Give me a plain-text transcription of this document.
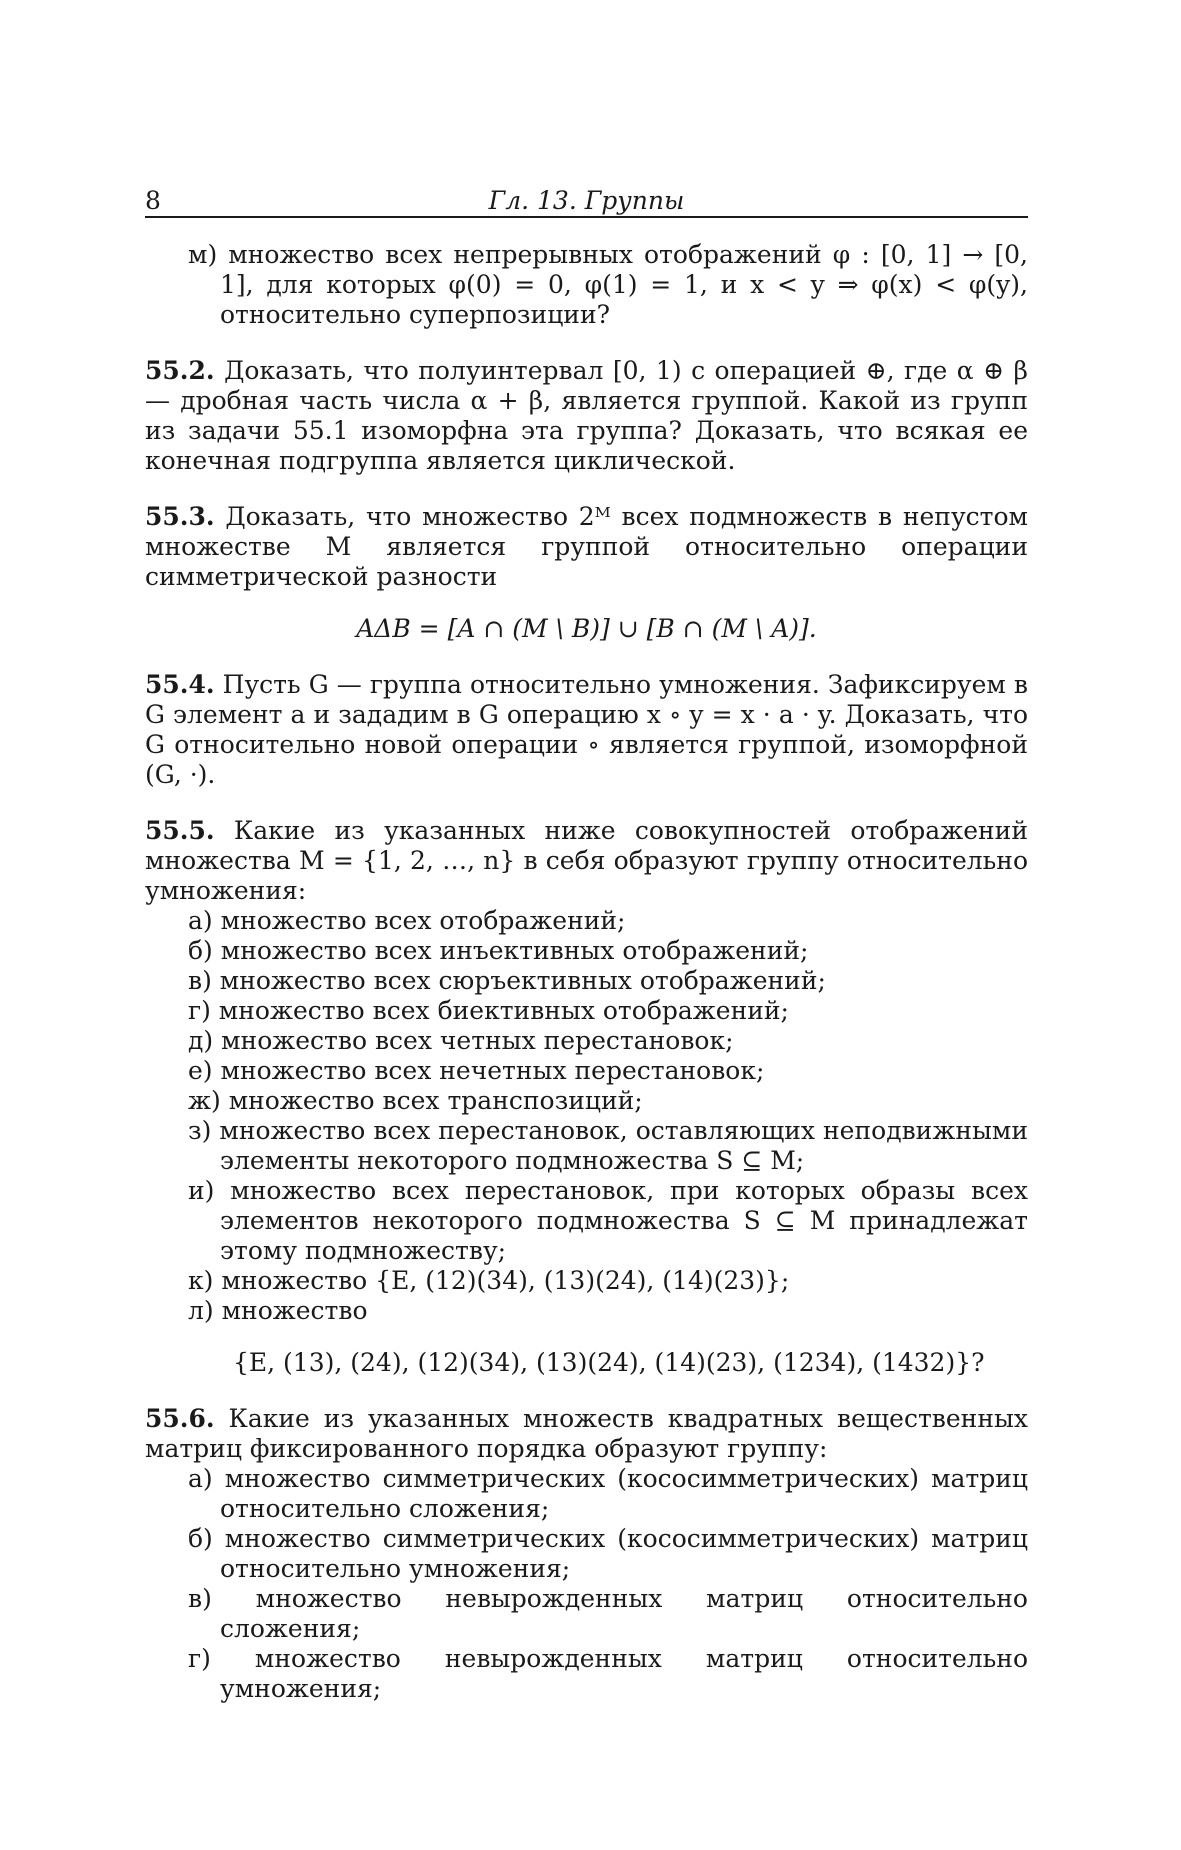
8	Гл. 13. Группы

м) множество всех непрерывных отображений φ : [0, 1] → [0, 1], для которых φ(0) = 0, φ(1) = 1, и x < y ⇒ φ(x) < φ(y), относительно суперпозиции?

55.2. Доказать, что полуинтервал [0, 1) с операцией ⊕, где α ⊕ β — дробная часть числа α + β, является группой. Какой из групп из задачи 55.1 изоморфна эта группа? Доказать, что всякая ее конечная подгруппа является циклической.

55.3. Доказать, что множество 2ᴹ всех подмножеств в непустом множестве M является группой относительно операции симметрической разности

AΔB = [A ∩ (M \ B)] ∪ [B ∩ (M \ A)].

55.4. Пусть G — группа относительно умножения. Зафиксируем в G элемент a и зададим в G операцию x ∘ y = x · a · y. Доказать, что G относительно новой операции ∘ является группой, изоморфной (G, ·).

55.5. Какие из указанных ниже совокупностей отображений множества M = {1, 2, …, n} в себя образуют группу относительно умножения:

а) множество всех отображений;

б) множество всех инъективных отображений;

в) множество всех сюръективных отображений;

г) множество всех биективных отображений;

д) множество всех четных перестановок;

е) множество всех нечетных перестановок;

ж) множество всех транспозиций;

з) множество всех перестановок, оставляющих неподвижными элементы некоторого подмножества S ⊆ M;

и) множество всех перестановок, при которых образы всех элементов некоторого подмножества S ⊆ M принадлежат этому подмножеству;

к) множество {E, (12)(34), (13)(24), (14)(23)};

л) множество

{E, (13), (24), (12)(34), (13)(24), (14)(23), (1234), (1432)}?

55.6. Какие из указанных множеств квадратных вещественных матриц фиксированного порядка образуют группу:

а) множество симметрических (кососимметрических) матриц относительно сложения;

б) множество симметрических (кососимметрических) матриц относительно умножения;

в) множество невырожденных матриц относительно сложения;

г) множество невырожденных матриц относительно умножения;
